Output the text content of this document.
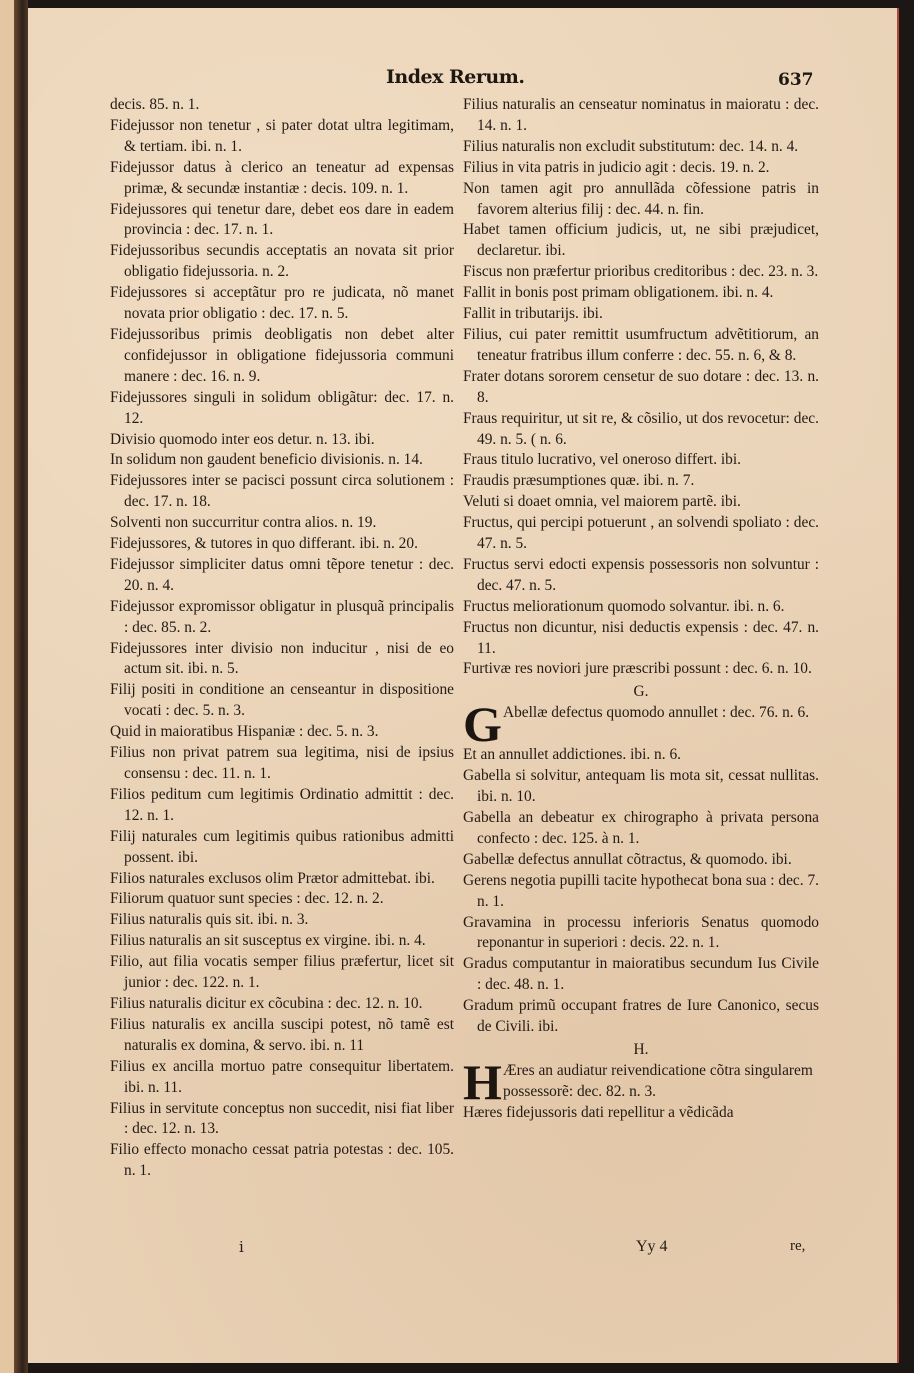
Index Rerum.	637

decis. 85. n. 1.

Fidejussor non tenetur , si pater dotat ultra legitimam, & tertiam. ibi. n. 1.

Fidejussor datus à clerico an teneatur ad expensas primæ, & secundæ instantiæ : decis. 109. n. 1.

Fidejussores qui tenetur dare, debet eos dare in eadem provincia : dec. 17. n. 1.

Fidejussoribus secundis acceptatis an novata sit prior obligatio fidejussoria. n. 2.

Fidejussores si acceptãtur pro re judicata, nõ manet novata prior obligatio : dec. 17. n. 5.

Fidejussoribus primis deobligatis non debet alter confidejussor in obligatione fidejussoria communi manere : dec. 16. n. 9.

Fidejussores singuli in solidum obligãtur: dec. 17. n. 12.

Divisio quomodo inter eos detur. n. 13. ibi.

In solidum non gaudent beneficio divisionis. n. 14.

Fidejussores inter se pacisci possunt circa solutionem : dec. 17. n. 18.

Solventi non succurritur contra alios. n. 19.

Fidejussores, & tutores in quo differant. ibi. n. 20.

Fidejussor simpliciter datus omni tẽpore tenetur : dec. 20. n. 4.

Fidejussor expromissor obligatur in plusquã principalis : dec. 85. n. 2.

Fidejussores inter divisio non inducitur , nisi de eo actum sit. ibi. n. 5.

Filij positi in conditione an censeantur in dispositione vocati : dec. 5. n. 3.

Quid in maioratibus Hispaniæ : dec. 5. n. 3.

Filius non privat patrem sua legitima, nisi de ipsius consensu : dec. 11. n. 1.

Filios peditum cum legitimis Ordinatio admittit : dec. 12. n. 1.

Filij naturales cum legitimis quibus rationibus admitti possent. ibi.

Filios naturales exclusos olim Prætor admittebat. ibi.

Filiorum quatuor sunt species : dec. 12. n. 2.

Filius naturalis quis sit. ibi. n. 3.

Filius naturalis an sit susceptus ex virgine. ibi. n. 4.

Filio, aut filia vocatis semper filius præfertur, licet sit junior : dec. 122. n. 1.

Filius naturalis dicitur ex cõcubina : dec. 12. n. 10.

Filius naturalis ex ancilla suscipi potest, nõ tamẽ est naturalis ex domina, & servo. ibi. n. 11

Filius ex ancilla mortuo patre consequitur libertatem. ibi. n. 11.

Filius in servitute conceptus non succedit, nisi fiat liber : dec. 12. n. 13.

Filio effecto monacho cessat patria potestas : dec. 105. n. 1.

Filius naturalis an censeatur nominatus in maioratu : dec. 14. n. 1.

Filius naturalis non excludit substitutum: dec. 14. n. 4.

Filius in vita patris in judicio agit : decis. 19. n. 2.

Non tamen agit pro annullãda cõfessione patris in favorem alterius filij : dec. 44. n. fin.

Habet tamen officium judicis, ut, ne sibi præjudicet, declaretur. ibi.

Fiscus non præfertur prioribus creditoribus : dec. 23. n. 3.

Fallit in bonis post primam obligationem. ibi. n. 4.

Fallit in tributarijs. ibi.

Filius, cui pater remittit usumfructum advẽtitiorum, an teneatur fratribus illum conferre : dec. 55. n. 6, & 8.

Frater dotans sororem censetur de suo dotare : dec. 13. n. 8.

Fraus requiritur, ut sit re, & cõsilio, ut dos revocetur: dec. 49. n. 5. ( n. 6.

Fraus titulo lucrativo, vel oneroso differt. ibi.

Fraudis præsumptiones quæ. ibi. n. 7.

Veluti si doaet omnia, vel maiorem partẽ. ibi.

Fructus, qui percipi potuerunt , an solvendi spoliato : dec. 47. n. 5.

Fructus servi edocti expensis possessoris non solvuntur : dec. 47. n. 5.

Fructus meliorationum quomodo solvantur. ibi. n. 6.

Fructus non dicuntur, nisi deductis expensis : dec. 47. n. 11.

Furtivæ res noviori jure præscribi possunt : dec. 6. n. 10.

G.

G Abellæ defectus quomodo annullet : dec. 76. n. 6.

Et an annullet addictiones. ibi. n. 6.

Gabella si solvitur, antequam lis mota sit, cessat nullitas. ibi. n. 10.

Gabella an debeatur ex chirographo à privata persona confecto : dec. 125. à n. 1.

Gabellæ defectus annullat cõtractus, & quomodo. ibi.

Gerens negotia pupilli tacite hypothecat bona sua : dec. 7. n. 1.

Gravamina in processu inferioris Senatus quomodo reponantur in superiori : decis. 22. n. 1.

Gradus computantur in maioratibus secundum Ius Civile : dec. 48. n. 1.

Gradum primũ occupant fratres de Iure Canonico, secus de Civili. ibi.

H.

H Æres an audiatur reivendicatione cõtra singularem possessorẽ: dec. 82. n. 3.

Hæres fidejussoris dati repellitur a vẽdicãda

i	Yy 4	re,
